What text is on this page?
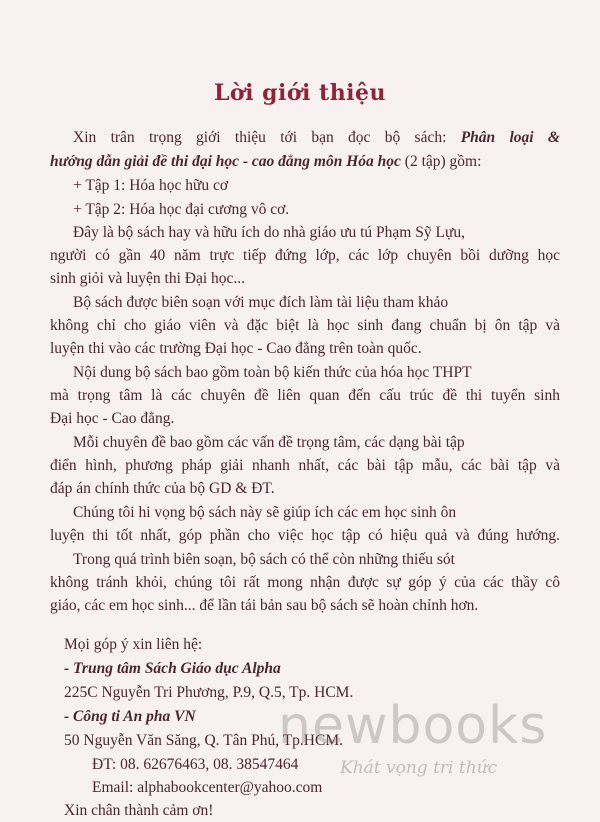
Lời giới thiệu
Xin trân trọng giới thiệu tới bạn đọc bộ sách: Phân loại &
hướng dẫn giải đề thi đại học - cao đẳng môn Hóa học (2 tập) gồm:
+ Tập 1: Hóa học hữu cơ
+ Tập 2: Hóa học đại cương vô cơ.
Đây là bộ sách hay và hữu ích do nhà giáo ưu tú Phạm Sỹ Lựu,
người có gần 40 năm trực tiếp đứng lớp, các lớp chuyên bồi dưỡng học
sinh giỏi và luyện thi Đại học...
Bộ sách được biên soạn với mục đích làm tài liệu tham khảo
không chỉ cho giáo viên và đặc biệt là học sinh đang chuẩn bị ôn tập và
luyện thi vào các trường Đại học - Cao đẳng trên toàn quốc.
Nội dung bộ sách bao gồm toàn bộ kiến thức của hóa học THPT
mà trọng tâm là các chuyên đề liên quan đến cấu trúc đề thi tuyển sinh
Đại học - Cao đẳng.
Mỗi chuyên đề bao gồm các vấn đề trọng tâm, các dạng bài tập
điển hình, phương pháp giải nhanh nhất, các bài tập mẫu, các bài tập và
đáp án chính thức của bộ GD & ĐT.
Chúng tôi hi vọng bộ sách này sẽ giúp ích các em học sinh ôn
luyện thi tốt nhất, góp phần cho việc học tập có hiệu quả và đúng hướng.
Trong quá trình biên soạn, bộ sách có thể còn những thiếu sót
không tránh khỏi, chúng tôi rất mong nhận được sự góp ý của các thầy cô
giáo, các em học sinh... để lần tái bản sau bộ sách sẽ hoàn chỉnh hơn.
Mọi góp ý xin liên hệ:
- Trung tâm Sách Giáo dục Alpha
225C Nguyễn Tri Phương, P.9, Q.5, Tp. HCM.
- Công ti An pha VN
50 Nguyễn Văn Săng, Q. Tân Phú, Tp.HCM.
ĐT: 08. 62676463, 08. 38547464
Email: alphabookcenter@yahoo.com
Xin chân thành cảm ơn!
newbooks
Khát vọng tri thức
